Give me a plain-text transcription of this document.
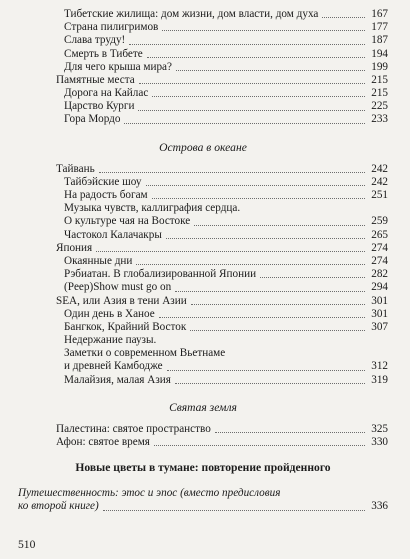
Тибетские жилища: дом жизни, дом власти, дом духа	167
Страна пилигримов	177
Слава труду!	187
Смерть в Тибете	194
Для чего крыша мира?	199
Памятные места	215
Дорога на Кайлас	215
Царство Курги	225
Гора Мордо	233
Острова в океане
Тайвань	242
Тайбэйские шоу	242
На радость богам	251
Музыка чувств, каллиграфия сердца.
О культуре чая на Востоке	259
Частокол Калачакры	265
Япония	274
Окаянные дни	274
Рэбиатан. В глобализированной Японии	282
(Peep)Show must go on	294
SEA, или Азия в тени Азии	301
Один день в Ханое	301
Бангкок, Крайний Восток	307
Недержание паузы.
Заметки о современном Вьетнаме
и древней Камбодже	312
Малайзия, малая Азия	319
Святая земля
Палестина: святое пространство	325
Афон: святое время	330
Новые цветы в тумане: повторение пройденного
Путешественность: этос и эпос (вместо предисловия
ко второй книге)	336
510
